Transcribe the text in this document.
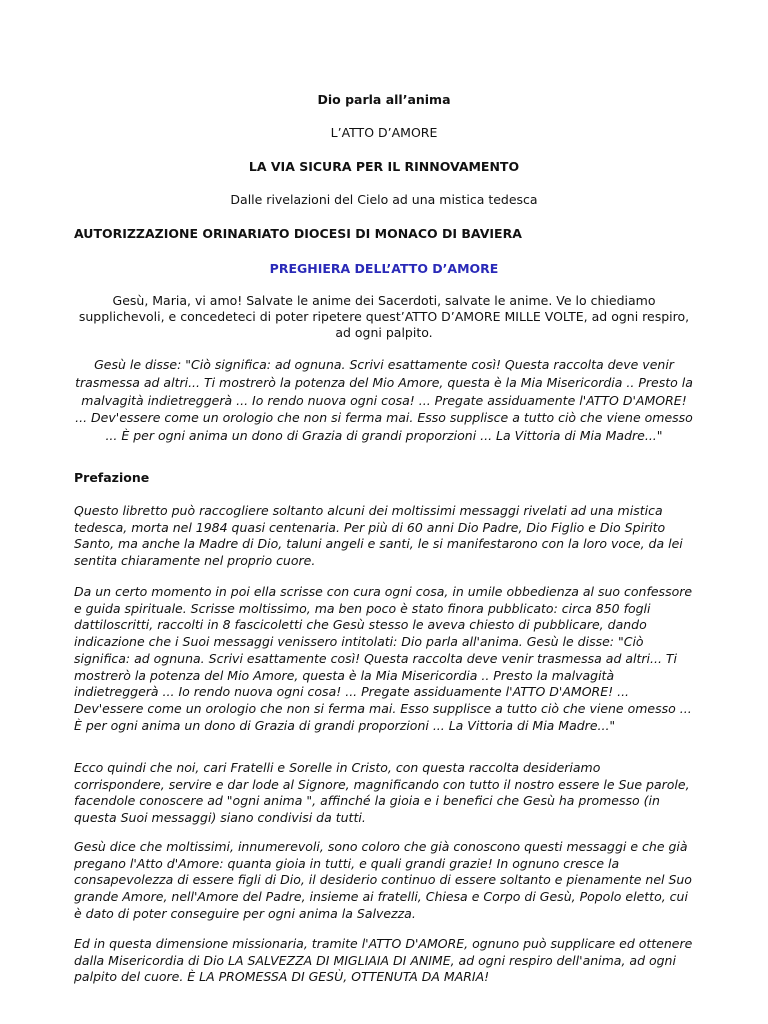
Dio parla all’anima
L’ATTO D’AMORE
LA VIA SICURA PER IL RINNOVAMENTO
Dalle rivelazioni del Cielo ad una mistica tedesca
AUTORIZZAZIONE ORINARIATO DIOCESI DI MONACO DI BAVIERA
PREGHIERA DELL’ATTO D’AMORE
Gesù, Maria, vi amo! Salvate le anime dei Sacerdoti, salvate le anime. Ve lo chiediamo supplichevoli, e concedeteci di poter ripetere quest’ATTO D’AMORE MILLE VOLTE, ad ogni respiro, ad ogni palpito.
Gesù le disse: "Ciò significa: ad ognuna. Scrivi esattamente così! Questa raccolta deve venir trasmessa ad altri... Ti mostrerò la potenza del Mio Amore, questa è la Mia Misericordia .. Presto la malvagità indietreggerà ... Io rendo nuova ogni cosa! ... Pregate assiduamente l'ATTO D'AMORE! ... Dev'essere come un orologio che non si ferma mai. Esso supplisce a tutto ciò che viene omesso ... È per ogni anima un dono di Grazia di grandi proporzioni ... La Vittoria di Mia Madre..."
Prefazione
Questo libretto può raccogliere soltanto alcuni dei moltissimi messaggi rivelati ad una mistica tedesca, morta nel 1984 quasi centenaria. Per più di 60 anni Dio Padre, Dio Figlio e Dio Spirito Santo, ma anche la Madre di Dio, taluni angeli e santi, le si manifestarono con la loro voce, da lei sentita chiaramente nel proprio cuore.
Da un certo momento in poi ella scrisse con cura ogni cosa, in umile obbedienza al suo confessore e guida spirituale. Scrisse moltissimo, ma ben poco è stato finora pubblicato: circa 850 fogli dattiloscritti, raccolti in 8 fascicoletti che Gesù stesso le aveva chiesto di pubblicare, dando indicazione che i Suoi messaggi venissero intitolati: Dio parla all'anima. Gesù le disse: "Ciò significa: ad ognuna. Scrivi esattamente così! Questa raccolta deve venir trasmessa ad altri... Ti mostrerò la potenza del Mio Amore, questa è la Mia Misericordia .. Presto la malvagità indietreggerà ... Io rendo nuova ogni cosa! ... Pregate assiduamente l'ATTO D'AMORE! ... Dev'essere come un orologio che non si ferma mai. Esso supplisce a tutto ciò che viene omesso ... È per ogni anima un dono di Grazia di grandi proporzioni ... La Vittoria di Mia Madre..."
Ecco quindi che noi, cari Fratelli e Sorelle in Cristo, con questa raccolta desideriamo corrispondere, servire e dar lode al Signore, magnificando con tutto il nostro essere le Sue parole, facendole conoscere ad "ogni anima ", affinché la gioia e i benefici che Gesù ha promesso (in questa Suoi messaggi) siano condivisi da tutti.
Gesù dice che moltissimi, innumerevoli, sono coloro che già conoscono questi messaggi e che già pregano l'Atto d'Amore: quanta gioia in tutti, e quali grandi grazie! In ognuno cresce la consapevolezza di essere figli di Dio, il desiderio continuo di essere soltanto e pienamente nel Suo grande Amore, nell'Amore del Padre, insieme ai fratelli, Chiesa e Corpo di Gesù, Popolo eletto, cui è dato di poter conseguire per ogni anima la Salvezza.
Ed in questa dimensione missionaria, tramite l'ATTO D'AMORE, ognuno può supplicare ed ottenere dalla Misericordia di Dio LA SALVEZZA DI MIGLIAIA DI ANIME, ad ogni respiro dell'anima, ad ogni palpito del cuore. È LA PROMESSA DI GESÙ, OTTENUTA DA MARIA!
